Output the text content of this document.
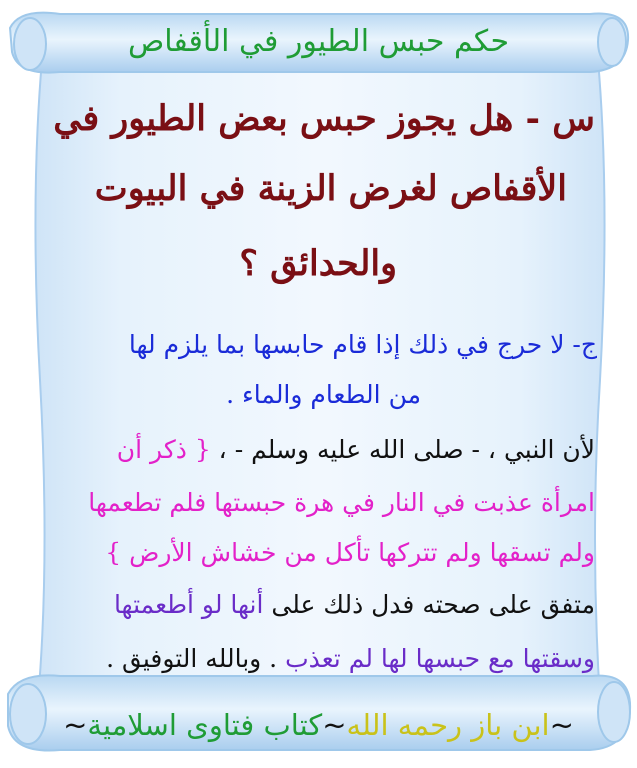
حكم حبس الطيور في الأقفاص
س - هل يجوز حبس بعض الطيور في
الأقفاص لغرض الزينة في البيوت
والحدائق ؟
ج- لا حرج في ذلك إذا قام حابسها بما يلزم لها
من الطعام والماء .
لأن النبي ، - صلى الله عليه وسلم - ، { ذكر أن
امرأة عذبت في النار في هرة حبستها فلم تطعمها
ولم تسقها ولم تتركها تأكل من خشاش الأرض }
متفق على صحته فدل ذلك على أنها لو أطعمتها
وسقتها مع حبسها لها لم تعذب . وبالله التوفيق .
~ابن باز رحمه الله~كتاب فتاوى اسلامية~
